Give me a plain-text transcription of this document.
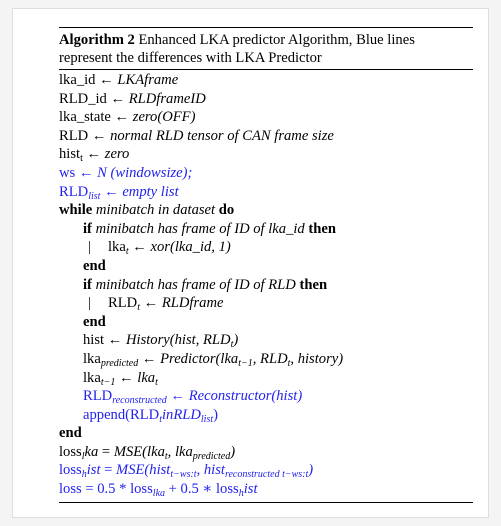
Algorithm 2 Enhanced LKA predictor Algorithm, Blue lines
represent the differences with LKA Predictor
lka_id ← LKAframe
RLD_id ← RLDframeID
lka_state ← zero(OFF)
RLD ← normal RLD tensor of CAN frame size
hist$_t$ ← zero
ws ← N (windowsize);
$RLD_{list}$ ← empty list
while minibatch in dataset do
if minibatch has frame of ID of lka_id then
| lka$_t$ ← xor(lka_id, 1)
end
if minibatch has frame of ID of RLD then
| $RLD_t$ ← RLDframe
end
hist ← History(hist, $RLD_t$)
lka$_{predicted}$ ← Predictor(lka$_{t-1}$, $RLD_t$, history)
lka$_{t-1}$ ← lka$_t$
$RLD_{reconstructed}$ ← Reconstructor(hist)
$append(RLD_tinRLD_{list})$
end
loss$_l$ka = MSE(lka$_t$, lka$_{predicted}$)
loss$_h$ist = MSE(hist$_{t-ws:t}$, hist$_{reconstructed t-ws:t}$)
loss = 0.5 * loss$_{lka}$ + 0.5 ∗ loss$_h$ist
